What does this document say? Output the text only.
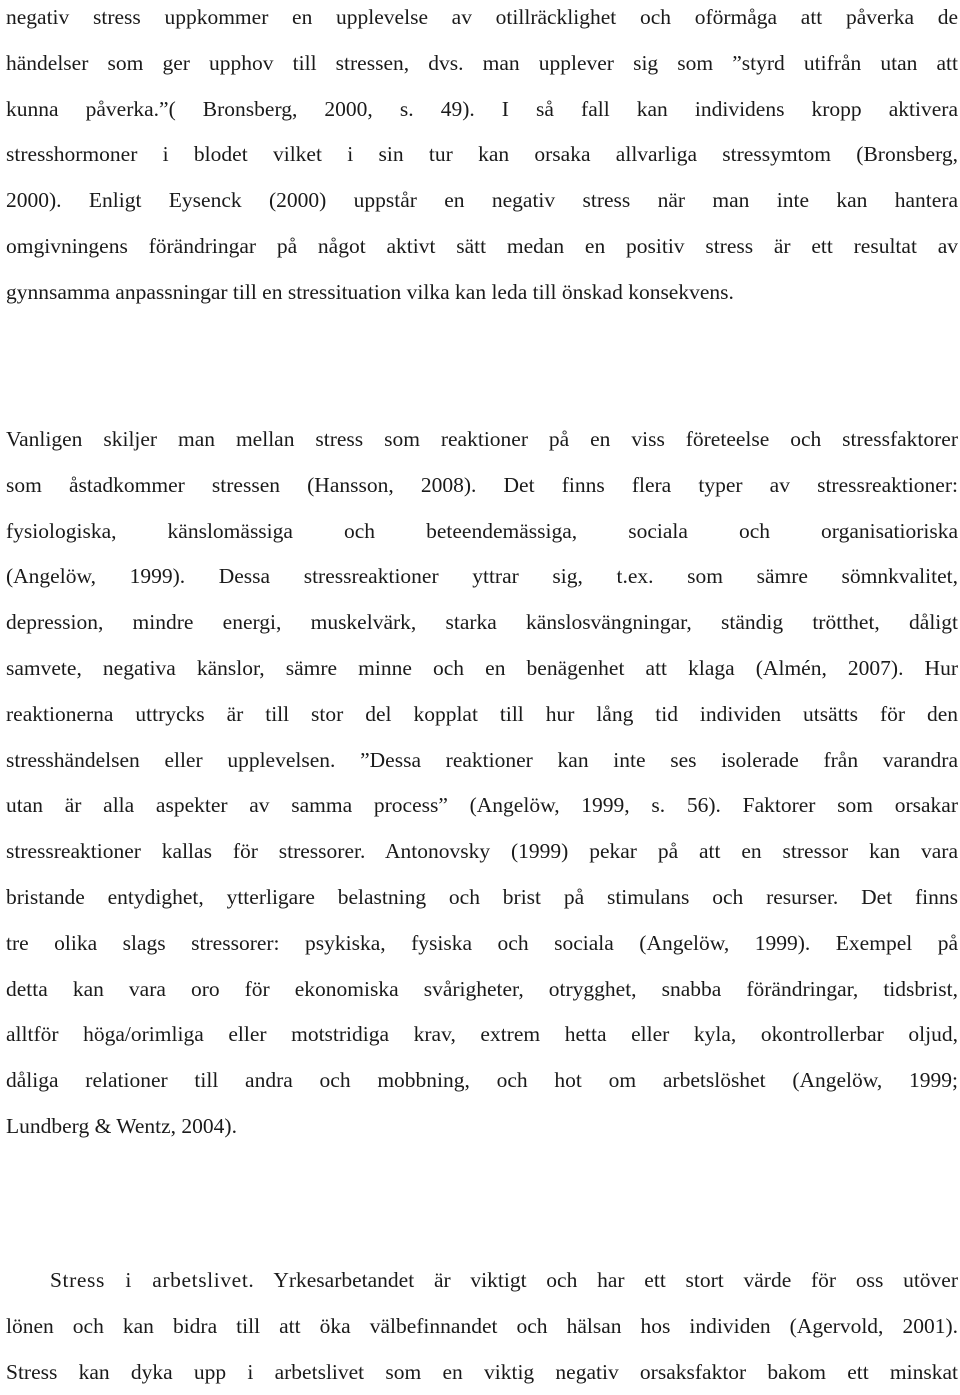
negativ stress uppkommer en upplevelse av otillräcklighet och oförmåga att påverka de
händelser som ger upphov till stressen, dvs. man upplever sig som ”styrd utifrån utan att
kunna påverka.”( Bronsberg, 2000, s. 49). I så fall kan individens kropp aktivera
stresshormoner i blodet vilket i sin tur kan orsaka allvarliga stressymtom (Bronsberg,
2000). Enligt Eysenck (2000) uppstår en negativ stress när man inte kan hantera
omgivningens förändringar på något aktivt sätt medan en positiv stress är ett resultat av
gynnsamma anpassningar till en stressituation vilka kan leda till önskad konsekvens.
Vanligen skiljer man mellan stress som reaktioner på en viss företeelse och stressfaktorer
som åstadkommer stressen (Hansson, 2008). Det finns flera typer av stressreaktioner:
fysiologiska, känslomässiga och beteendemässiga, sociala och organisatioriska
(Angelöw, 1999). Dessa stressreaktioner yttrar sig, t.ex. som sämre sömnkvalitet,
depression, mindre energi, muskelvärk, starka känslosvängningar, ständig trötthet, dåligt
samvete, negativa känslor, sämre minne och en benägenhet att klaga (Almén, 2007). Hur
reaktionerna uttrycks är till stor del kopplat till hur lång tid individen utsätts för den
stresshändelsen eller upplevelsen. ”Dessa reaktioner kan inte ses isolerade från varandra
utan är alla aspekter av samma process” (Angelöw, 1999, s. 56). Faktorer som orsakar
stressreaktioner kallas för stressorer. Antonovsky (1999) pekar på att en stressor kan vara
bristande entydighet, ytterligare belastning och brist på stimulans och resurser. Det finns
tre olika slags stressorer: psykiska, fysiska och sociala (Angelöw, 1999). Exempel på
detta kan vara oro för ekonomiska svårigheter, otrygghet, snabba förändringar, tidsbrist,
alltför höga/orimliga eller motstridiga krav, extrem hetta eller kyla, okontrollerbar oljud,
dåliga relationer till andra och mobbning, och hot om arbetslöshet (Angelöw, 1999;
Lundberg & Wentz, 2004).
Stress i arbetslivet. Yrkesarbetandet är viktigt och har ett stort värde för oss utöver
lönen och kan bidra till att öka välbefinnandet och hälsan hos individen (Agervold, 2001).
Stress kan dyka upp i arbetslivet som en viktig negativ orsaksfaktor bakom ett minskat
